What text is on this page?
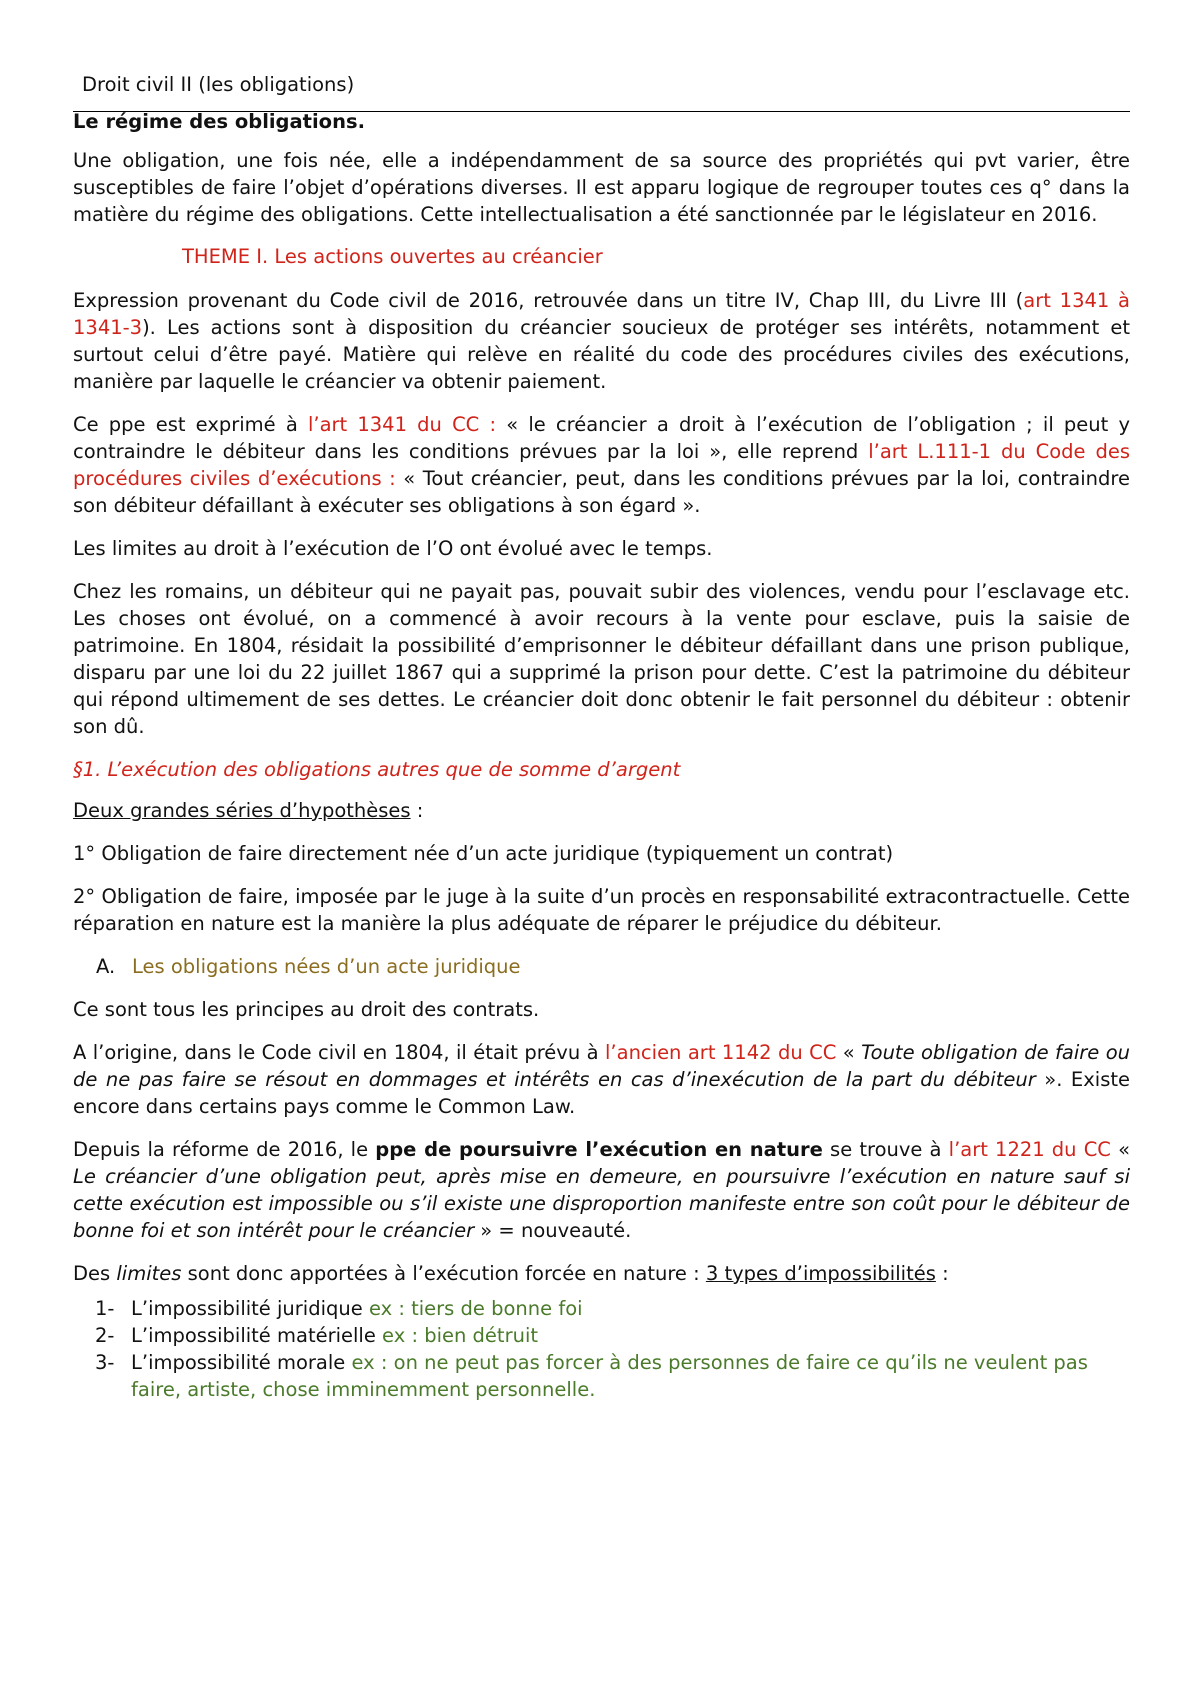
Droit civil II (les obligations)
Le régime des obligations.

Une obligation, une fois née, elle a indépendamment de sa source des propriétés qui pvt varier, être susceptibles de faire l’objet d’opérations diverses. Il est apparu logique de regrouper toutes ces q° dans la matière du régime des obligations. Cette intellectualisation a été sanctionnée par le législateur en 2016.

THEME I. Les actions ouvertes au créancier

Expression provenant du Code civil de 2016, retrouvée dans un titre IV, Chap III, du Livre III (art 1341 à 1341-3). Les actions sont à disposition du créancier soucieux de protéger ses intérêts, notamment et surtout celui d’être payé. Matière qui relève en réalité du code des procédures civiles des exécutions, manière par laquelle le créancier va obtenir paiement.

Ce ppe est exprimé à l’art 1341 du CC : « le créancier a droit à l’exécution de l’obligation ; il peut y contraindre le débiteur dans les conditions prévues par la loi », elle reprend l’art L.111-1 du Code des procédures civiles d’exécutions : « Tout créancier, peut, dans les conditions prévues par la loi, contraindre son débiteur défaillant à exécuter ses obligations à son égard ».

Les limites au droit à l’exécution de l’O ont évolué avec le temps.

Chez les romains, un débiteur qui ne payait pas, pouvait subir des violences, vendu pour l’esclavage etc. Les choses ont évolué, on a commencé à avoir recours à la vente pour esclave, puis la saisie de patrimoine. En 1804, résidait la possibilité d’emprisonner le débiteur défaillant dans une prison publique, disparu par une loi du 22 juillet 1867 qui a supprimé la prison pour dette. C’est la patrimoine du débiteur qui répond ultimement de ses dettes. Le créancier doit donc obtenir le fait personnel du débiteur : obtenir son dû.

§1. L’exécution des obligations autres que de somme d’argent

Deux grandes séries d’hypothèses :

1° Obligation de faire directement née d’un acte juridique (typiquement un contrat)

2° Obligation de faire, imposée par le juge à la suite d’un procès en responsabilité extracontractuelle. Cette réparation en nature est la manière la plus adéquate de réparer le préjudice du débiteur.

A. Les obligations nées d’un acte juridique

Ce sont tous les principes au droit des contrats.

A l’origine, dans le Code civil en 1804, il était prévu à l’ancien art 1142 du CC « Toute obligation de faire ou de ne pas faire se résout en dommages et intérêts en cas d’inexécution de la part du débiteur ». Existe encore dans certains pays comme le Common Law.

Depuis la réforme de 2016, le ppe de poursuivre l’exécution en nature se trouve à l’art 1221 du CC « Le créancier d’une obligation peut, après mise en demeure, en poursuivre l’exécution en nature sauf si cette exécution est impossible ou s’il existe une disproportion manifeste entre son coût pour le débiteur de bonne foi et son intérêt pour le créancier » = nouveauté.

Des limites sont donc apportées à l’exécution forcée en nature : 3 types d’impossibilités :

1- L’impossibilité juridique ex : tiers de bonne foi
2- L’impossibilité matérielle ex : bien détruit
3- L’impossibilité morale ex : on ne peut pas forcer à des personnes de faire ce qu’ils ne veulent pas faire, artiste, chose imminemment personnelle.
